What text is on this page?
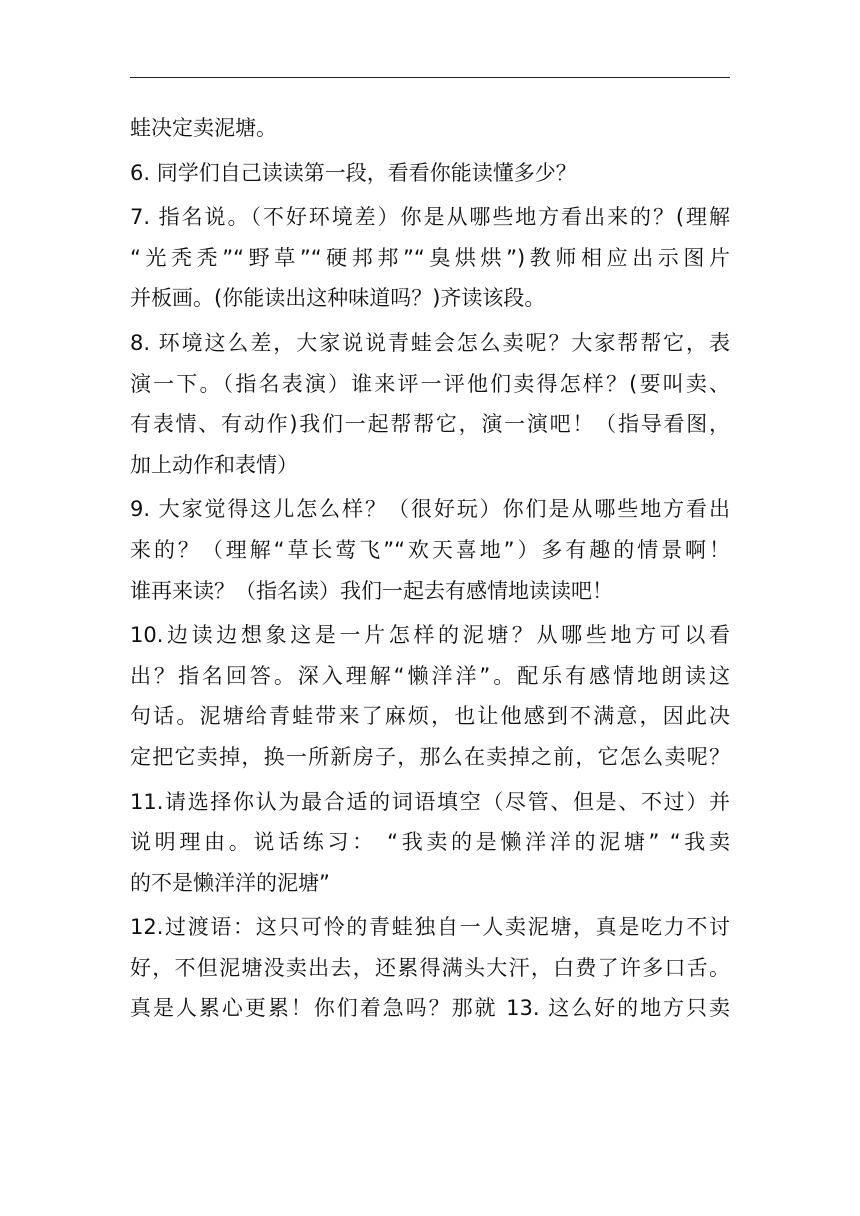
蛙决定卖泥塘。
6. 同学们自己读读第一段，看看你能读懂多少？
7. 指名说。（不好环境差）你是从哪些地方看出来的？(理解
“光秃秃”“野草”“硬邦邦”“臭烘烘”)教师相应出示图片
并板画。(你能读出这种味道吗？)齐读该段。
8. 环境这么差，大家说说青蛙会怎么卖呢？大家帮帮它，表
演一下。（指名表演）谁来评一评他们卖得怎样？(要叫卖、
有表情、有动作)我们一起帮帮它，演一演吧！（指导看图，
加上动作和表情）
9. 大家觉得这儿怎么样？（很好玩）你们是从哪些地方看出
来的？（理解“草长莺飞”“欢天喜地”）多有趣的情景啊！
谁再来读？（指名读）我们一起去有感情地读读吧！
10.边读边想象这是一片怎样的泥塘？从哪些地方可以看
出？指名回答。深入理解“懒洋洋”。配乐有感情地朗读这
句话。泥塘给青蛙带来了麻烦，也让他感到不满意，因此决
定把它卖掉，换一所新房子，那么在卖掉之前，它怎么卖呢？
11.请选择你认为最合适的词语填空（尽管、但是、不过）并
说明理由。说话练习： “我卖的是懒洋洋的泥塘” “我卖
的不是懒洋洋的泥塘”
12.过渡语：这只可怜的青蛙独自一人卖泥塘，真是吃力不讨
好，不但泥塘没卖出去，还累得满头大汗，白费了许多口舌。
真是人累心更累！你们着急吗？那就 13. 这么好的地方只卖
